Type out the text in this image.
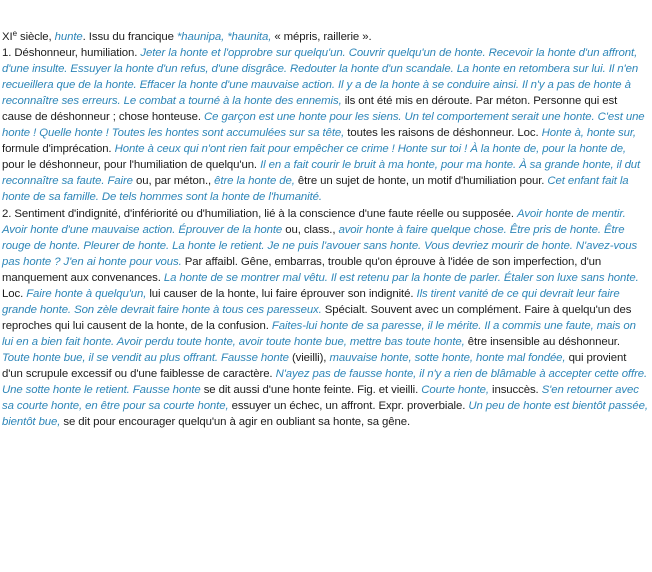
XIe siècle, hunte. Issu du francique *haunipa, *haunita, « mépris, raillerie ».

1. Déshonneur, humiliation. Jeter la honte et l'opprobre sur quelqu'un. Couvrir quelqu'un de honte. Recevoir la honte d'un affront, d'une insulte. Essuyer la honte d'un refus, d'une disgrâce. Redouter la honte d'un scandale. La honte en retombera sur lui. Il n'en recueillera que de la honte. Effacer la honte d'une mauvaise action. Il y a de la honte à se conduire ainsi. Il n'y a pas de honte à reconnaître ses erreurs. Le combat a tourné à la honte des ennemis, ils ont été mis en déroute. Par méton. Personne qui est cause de déshonneur ; chose honteuse. Ce garçon est une honte pour les siens. Un tel comportement serait une honte. C'est une honte ! Quelle honte ! Toutes les hontes sont accumulées sur sa tête, toutes les raisons de déshonneur. Loc. Honte à, honte sur, formule d'imprécation. Honte à ceux qui n'ont rien fait pour empêcher ce crime ! Honte sur toi ! À la honte de, pour la honte de, pour le déshonneur, pour l'humiliation de quelqu'un. Il en a fait courir le bruit à ma honte, pour ma honte. À sa grande honte, il dut reconnaître sa faute. Faire ou, par méton., être la honte de, être un sujet de honte, un motif d'humiliation pour. Cet enfant fait la honte de sa famille. De tels hommes sont la honte de l'humanité.

2. Sentiment d'indignité, d'infériorité ou d'humiliation, lié à la conscience d'une faute réelle ou supposée. Avoir honte de mentir. Avoir honte d'une mauvaise action. Éprouver de la honte ou, class., avoir honte à faire quelque chose. Être pris de honte. Être rouge de honte. Pleurer de honte. La honte le retient. Je ne puis l'avouer sans honte. Vous devriez mourir de honte. N'avez-vous pas honte ? J'en ai honte pour vous. Par affaibl. Gêne, embarras, trouble qu'on éprouve à l'idée de son imperfection, d'un manquement aux convenances. La honte de se montrer mal vêtu. Il est retenu par la honte de parler. Étaler son luxe sans honte. Loc. Faire honte à quelqu'un, lui causer de la honte, lui faire éprouver son indignité. Ils tirent vanité de ce qui devrait leur faire grande honte. Son zèle devrait faire honte à tous ces paresseux. Spécialt. Souvent avec un complément. Faire à quelqu'un des reproches qui lui causent de la honte, de la confusion. Faites-lui honte de sa paresse, il le mérite. Il a commis une faute, mais on lui en a bien fait honte. Avoir perdu toute honte, avoir toute honte bue, mettre bas toute honte, être insensible au déshonneur. Toute honte bue, il se vendit au plus offrant. Fausse honte (vieilli), mauvaise honte, sotte honte, honte mal fondée, qui provient d'un scrupule excessif ou d'une faiblesse de caractère. N'ayez pas de fausse honte, il n'y a rien de blâmable à accepter cette offre. Une sotte honte le retient. Fausse honte se dit aussi d'une honte feinte. Fig. et vieilli. Courte honte, insuccès. S'en retourner avec sa courte honte, en être pour sa courte honte, essuyer un échec, un affront. Expr. proverbiale. Un peu de honte est bientôt passée, bientôt bue, se dit pour encourager quelqu'un à agir en oubliant sa honte, sa gêne.
